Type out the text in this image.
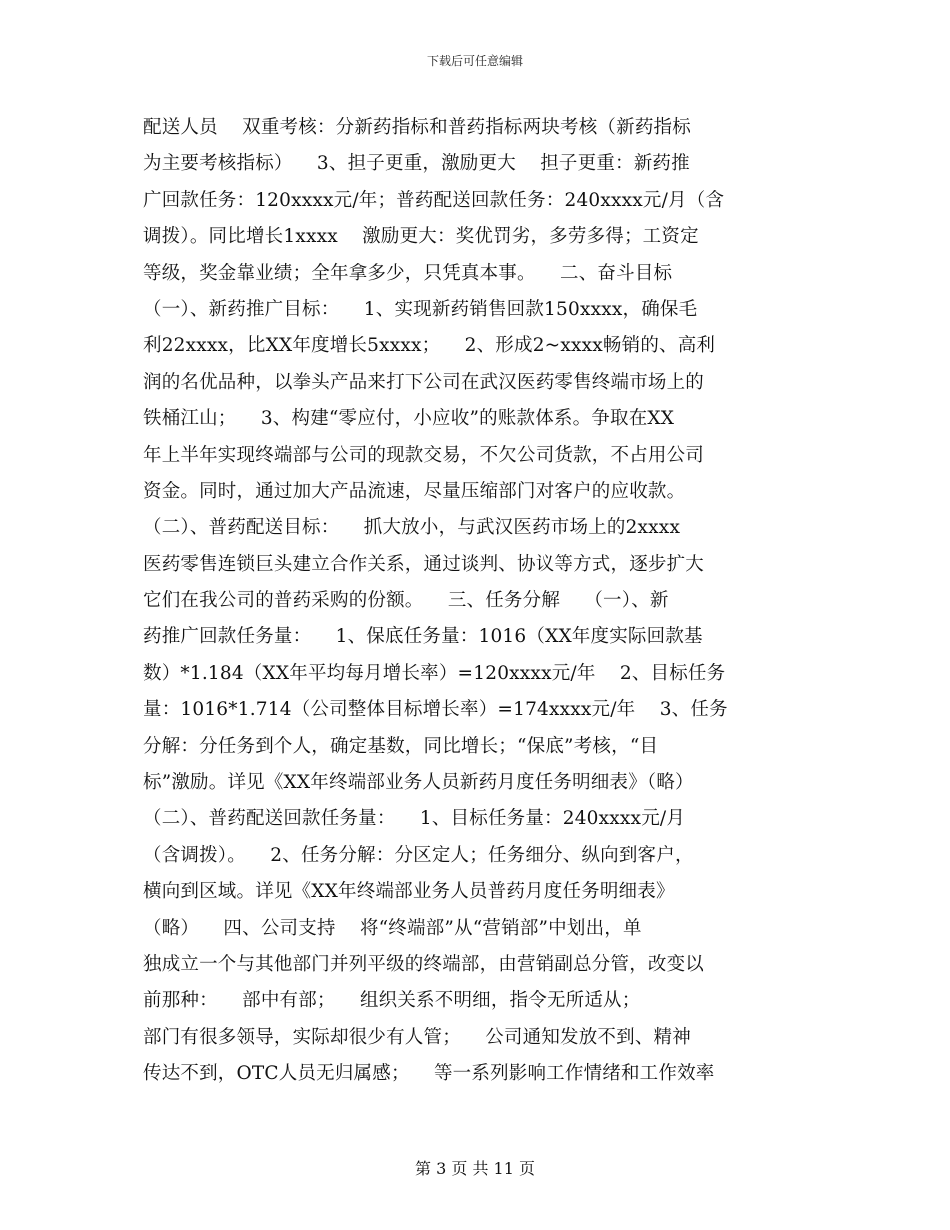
下载后可任意编辑
配送人员    双重考核：分新药指标和普药指标两块考核（新药指标
为主要考核指标）    3、担子更重，激励更大    担子更重：新药推
广回款任务：120xxxx元/年；普药配送回款任务：240xxxx元/月（含
调拨）。同比增长1xxxx    激励更大：奖优罚劣，多劳多得；工资定
等级，奖金靠业绩；全年拿多少，只凭真本事。    二、奋斗目标
（一）、新药推广目标：    1、实现新药销售回款150xxxx，确保毛
利22xxxx，比XX年度增长5xxxx；    2、形成2~xxxx畅销的、高利
润的名优品种，以拳头产品来打下公司在武汉医药零售终端市场上的
铁桶江山；    3、构建“零应付，小应收”的账款体系。争取在XX
年上半年实现终端部与公司的现款交易，不欠公司货款，不占用公司
资金。同时，通过加大产品流速，尽量压缩部门对客户的应收款。
（二）、普药配送目标：    抓大放小，与武汉医药市场上的2xxxx
医药零售连锁巨头建立合作关系，通过谈判、协议等方式，逐步扩大
它们在我公司的普药采购的份额。    三、任务分解    （一）、新
药推广回款任务量：    1、保底任务量：1016（XX年度实际回款基
数）*1.184（XX年平均每月增长率）=120xxxx元/年    2、目标任务
量：1016*1.714（公司整体目标增长率）=174xxxx元/年    3、任务
分解：分任务到个人，确定基数，同比增长；“保底”考核，“目
标”激励。详见《XX年终端部业务人员新药月度任务明细表》（略）
（二）、普药配送回款任务量：    1、目标任务量：240xxxx元/月
（含调拨）。    2、任务分解：分区定人；任务细分、纵向到客户，
横向到区域。详见《XX年终端部业务人员普药月度任务明细表》
（略）    四、公司支持    将“终端部”从“营销部”中划出，单
独成立一个与其他部门并列平级的终端部，由营销副总分管，改变以
前那种：    部中有部；    组织关系不明细，指令无所适从；
部门有很多领导，实际却很少有人管；    公司通知发放不到、精神
传达不到，OTC人员无归属感；    等一系列影响工作情绪和工作效率
第 3 页 共 11 页
